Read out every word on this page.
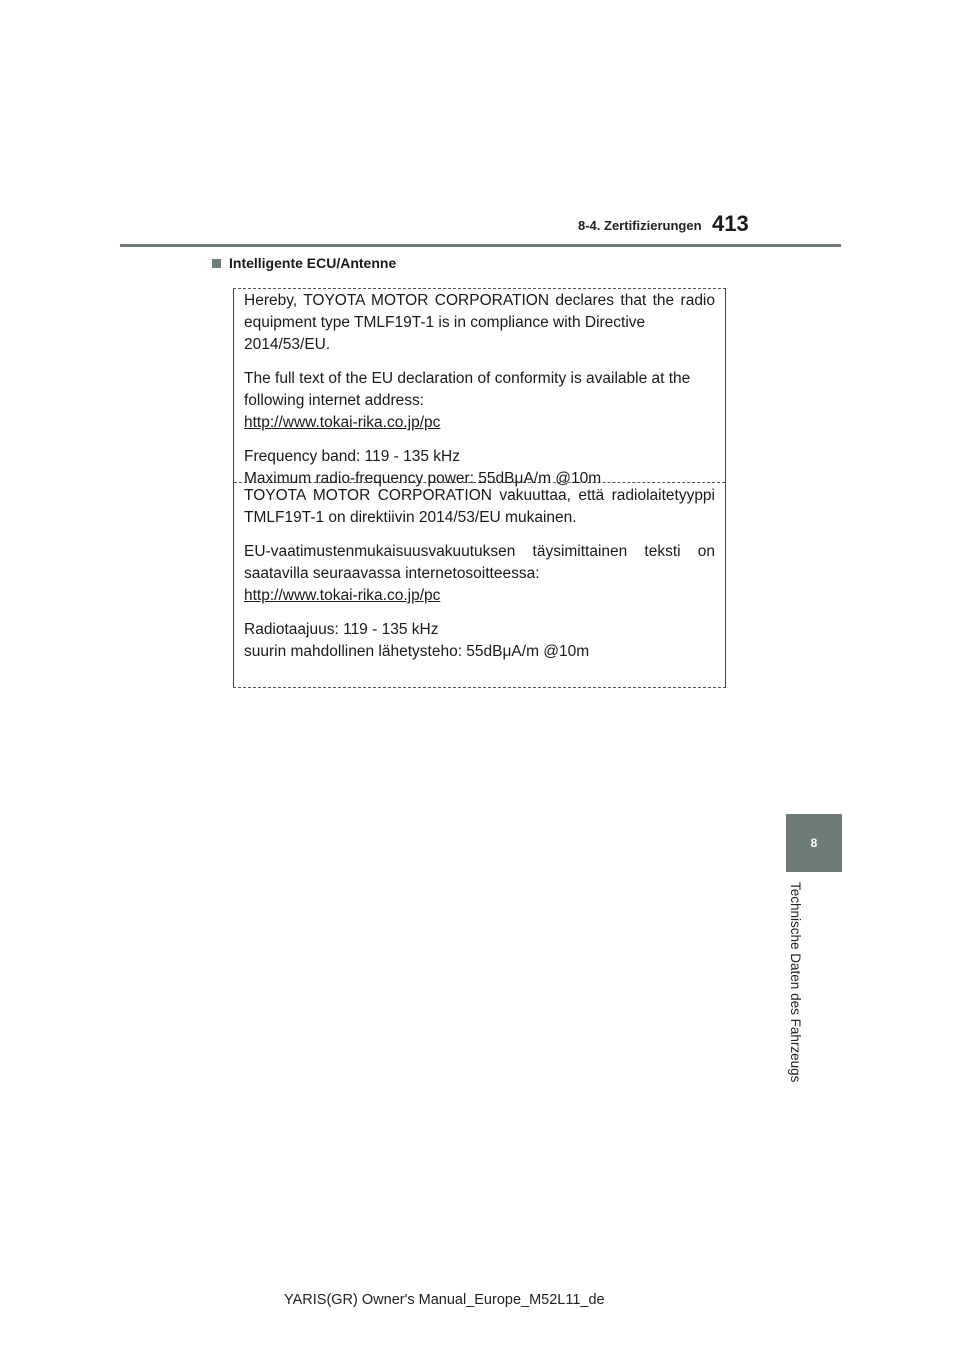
8-4. Zertifizierungen 413
Intelligente ECU/Antenne

Hereby, TOYOTA MOTOR CORPORATION declares that the radio
equipment type TMLF19T-1 is in compliance with Directive 2014/53/EU.

The full text of the EU declaration of conformity is available at the
following internet address:
http://www.tokai-rika.co.jp/pc

Frequency band: 119 - 135 kHz
Maximum radio-frequency power: 55dBμA/m @10m

TOYOTA MOTOR CORPORATION vakuuttaa, että radiolaitetyyppi
TMLF19T-1 on direktiivin 2014/53/EU mukainen.

EU-vaatimustenmukaisuusvakuutuksen täysimittainen teksti on
saatavilla seuraavassa internetosoitteessa:
http://www.tokai-rika.co.jp/pc

Radiotaajuus: 119 - 135 kHz
suurin mahdollinen lähetysteho: 55dBμA/m @10m

8
Technische Daten des Fahrzeugs
YARIS(GR) Owner's Manual_Europe_M52L11_de
